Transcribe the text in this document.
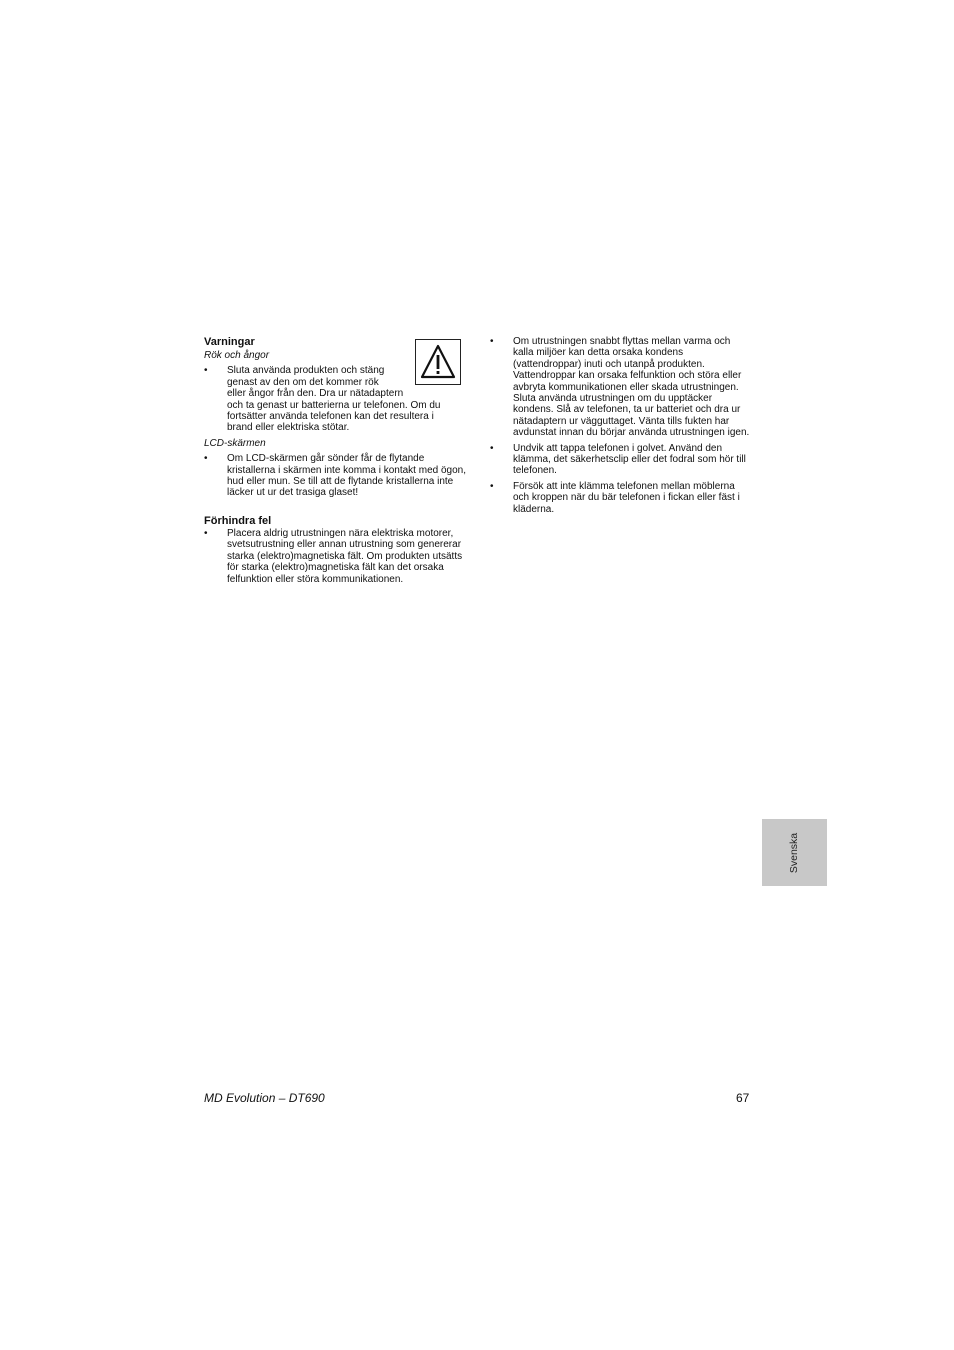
Varningar
Rök och ångor
• Sluta använda produkten och stäng
genast av den om det kommer rök
eller ångor från den. Dra ur nätadaptern
och ta genast ur batterierna ur telefonen. Om du
fortsätter använda telefonen kan det resultera i
brand eller elektriska stötar.
LCD-skärmen
• Om LCD-skärmen går sönder får de flytande kristallerna i skärmen inte komma i kontakt med ögon, hud eller mun. Se till att de flytande kristallerna inte läcker ut ur det trasiga glaset!
Förhindra fel
• Placera aldrig utrustningen nära elektriska motorer, svetsutrustning eller annan utrustning som genererar starka (elektro)magnetiska fält. Om produkten utsätts för starka (elektro)magnetiska fält kan det orsaka felfunktion eller störa kommunikationen.
• Om utrustningen snabbt flyttas mellan varma och kalla miljöer kan detta orsaka kondens (vattendroppar) inuti och utanpå produkten. Vattendroppar kan orsaka felfunktion och störa eller avbryta kommunikationen eller skada utrustningen. Sluta använda utrustningen om du upptäcker kondens. Slå av telefonen, ta ur batteriet och dra ur nätadaptern ur vägguttaget. Vänta tills fukten har avdunstat innan du börjar använda utrustningen igen.
• Undvik att tappa telefonen i golvet. Använd den klämma, det säkerhetsclip eller det fodral som hör till telefonen.
• Försök att inte klämma telefonen mellan möblerna och kroppen när du bär telefonen i fickan eller fäst i kläderna.
Svenska
MD Evolution – DT690	67
